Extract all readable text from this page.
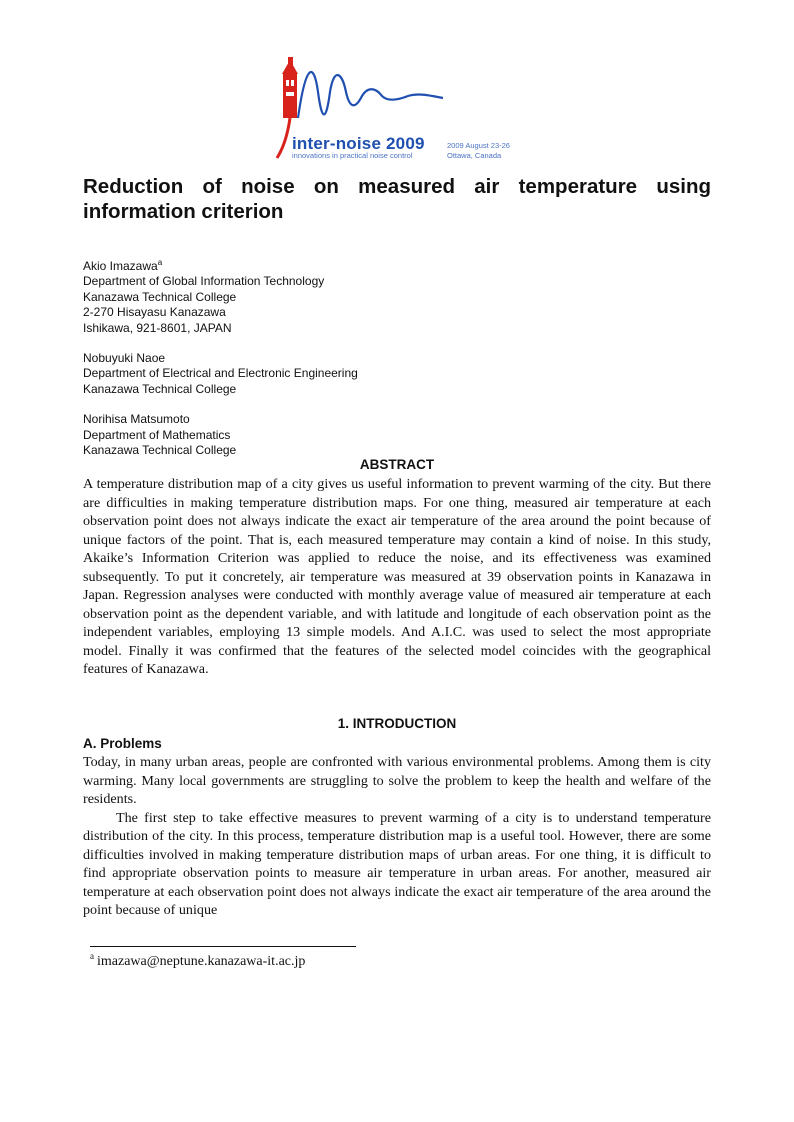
inter-noise 2009
innovations in practical noise control
2009 August 23-26
Ottawa, Canada
Reduction of noise on measured air temperature using
information criterion
Akio Imazawa$^a$
Department of Global Information Technology
Kanazawa Technical College
2-270 Hisayasu Kanazawa
Ishikawa, 921-8601, JAPAN
Nobuyuki Naoe
Department of Electrical and Electronic Engineering
Kanazawa Technical College
Norihisa Matsumoto
Department of Mathematics
Kanazawa Technical College
ABSTRACT

A temperature distribution map of a city gives us useful information to prevent warming of the city. But there are difficulties in making temperature distribution maps. For one thing, measured air temperature at each observation point does not always indicate the exact air temperature of the area around the point because of unique factors of the point. That is, each measured temperature may contain a kind of noise. In this study, Akaike’s Information Criterion was applied to reduce the noise, and its effectiveness was examined subsequently. To put it concretely, air temperature was measured at 39 observation points in Kanazawa in Japan. Regression analyses were conducted with monthly average value of measured air temperature at each observation point as the dependent variable, and with latitude and longitude of each observation point as the independent variables, employing 13 simple models. And A.I.C. was used to select the most appropriate model. Finally it was confirmed that the features of the selected model coincides with the geographical features of Kanazawa.

1. INTRODUCTION
A. Problems

Today, in many urban areas, people are confronted with various environmental problems. Among them is city warming. Many local governments are struggling to solve the problem to keep the health and welfare of the residents.

The first step to take effective measures to prevent warming of a city is to understand temperature distribution of the city. In this process, temperature distribution map is a useful tool. However, there are some difficulties involved in making temperature distribution maps of urban areas. For one thing, it is difficult to find appropriate observation points to measure air temperature in urban areas. For another, measured air temperature at each observation point does not always indicate the exact air temperature of the area around the point because of unique

$^a$ imazawa@neptune.kanazawa-it.ac.jp
